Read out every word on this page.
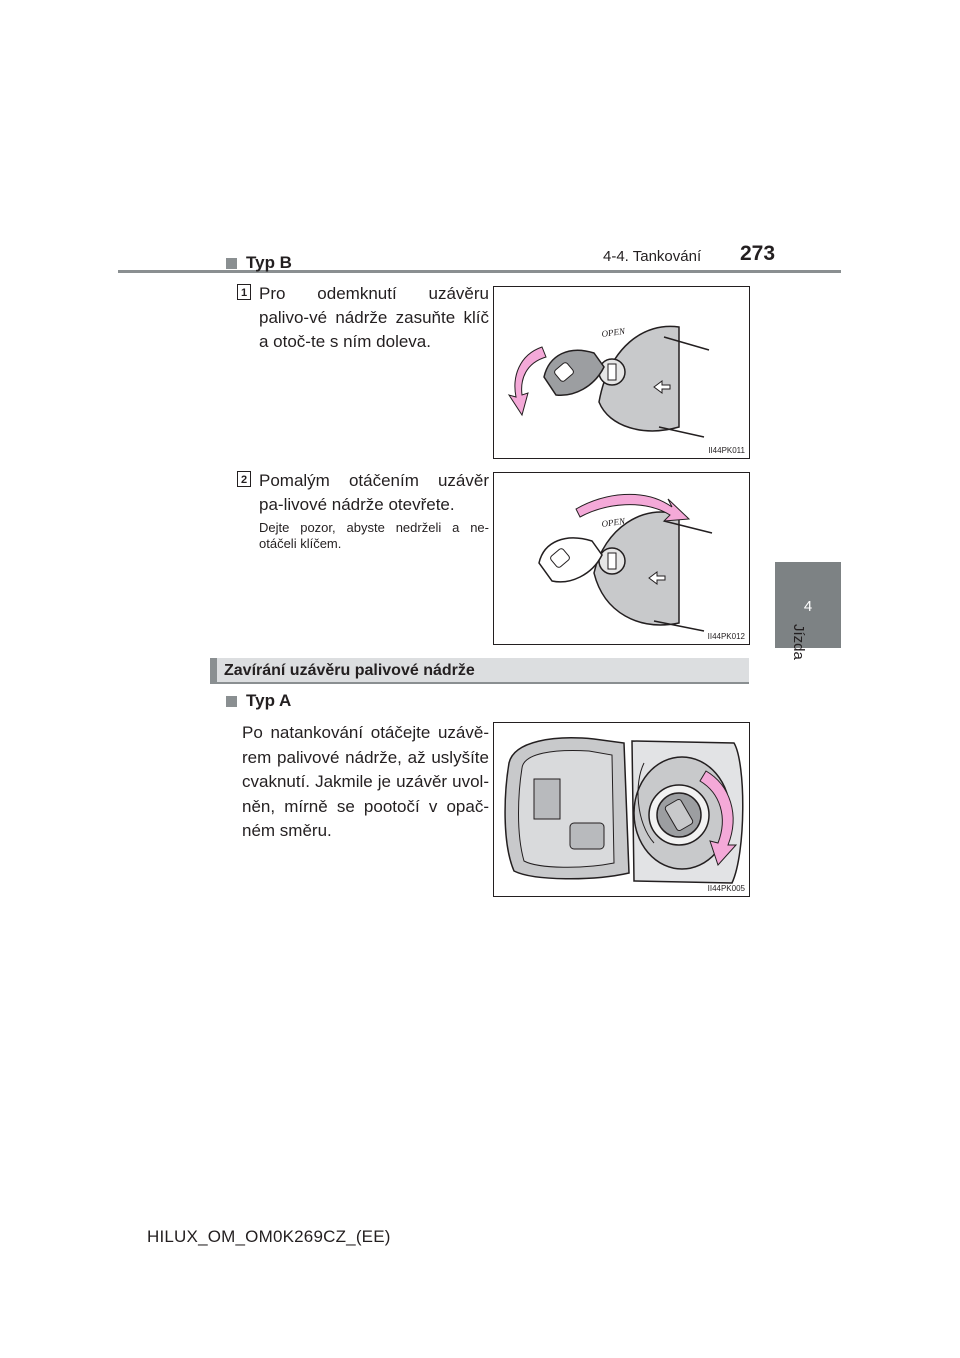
4-4. Tankování 273
4
Jízda
Typ B
1 Pro odemknutí uzávěru palivo-vé nádrže zasuňte klíč a otoč-te s ním doleva.	OPEN
II44PK011
2 Pomalým otáčením uzávěr pa-livové nádrže otevřete.
Dejte pozor, abyste nedrželi a ne-otáčeli klíčem.
OPEN
II44PK012
Zavírání uzávěru palivové nádrže
Typ A
Po natankování otáčejte uzávě-rem palivové nádrže, až uslyšíte cvaknutí. Jakmile je uzávěr uvol-něn, mírně se pootočí v opač-ném směru.
II44PK005
HILUX_OM_OM0K269CZ_(EE)
